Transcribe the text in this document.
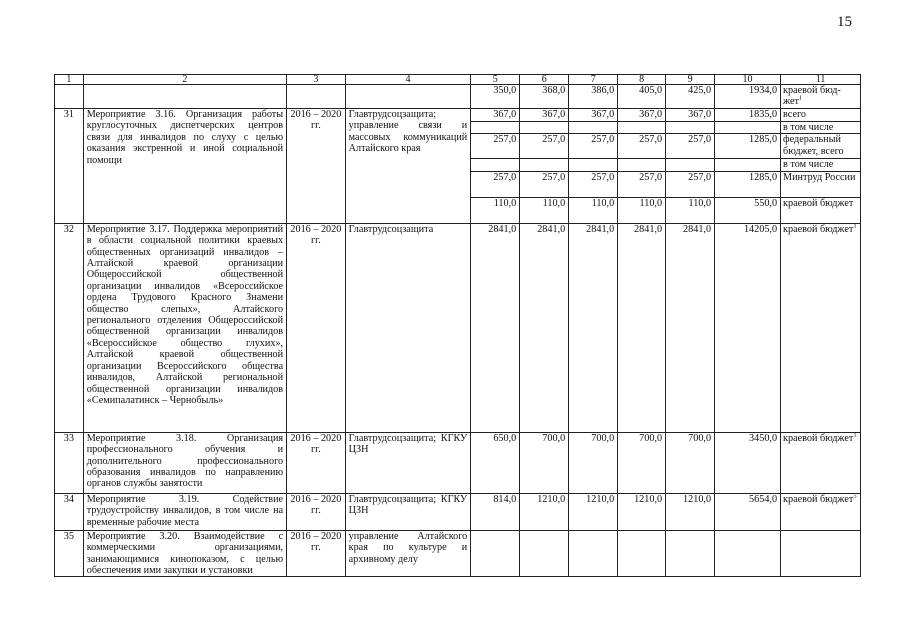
15
1	2	3	4	5	6	7	8	9	10	11
				350,0	368,0	386,0	405,0	425,0	1934,0	краевой бюд-жет$^1$
31	Мероприятие 3.16. Организация работы круглосуточных диспетчерских центров связи для инвалидов по слуху с целью оказания экстренной и иной социальной помощи	2016 – 2020 гг.	Главтрудсоцзащита; управление связи и массовых коммуникаций Алтайского края	367,0	367,0	367,0	367,0	367,0	1835,0	всего
										в том числе
				257,0	257,0	257,0	257,0	257,0	1285,0	федеральный бюджет, всего
										в том числе
				257,0	257,0	257,0	257,0	257,0	1285,0	Минтруд России
				110,0	110,0	110,0	110,0	110,0	550,0	краевой бюджет
32	Мероприятие 3.17. Поддержка мероприятий в области социальной политики краевых общественных организаций инвалидов – Алтайской краевой организации Общероссийской общественной организации инвалидов «Всероссийское ордена Трудового Красного Знамени общество слепых», Алтайского регионального отделения Общероссийской общественной организации инвалидов «Всероссийское общество глухих», Алтайской краевой общественной организации Всероссийского общества инвалидов, Алтайской региональной общественной организации инвалидов «Семипалатинск – Чернобыль»	2016 – 2020 гг.	Главтрудсоцзащита	2841,0	2841,0	2841,0	2841,0	2841,0	14205,0	краевой бюджет$^1$
33	Мероприятие 3.18. Организация профессионального обучения и дополнительного профессионального образования инвалидов по направлению органов службы занятости	2016 – 2020 гг.	Главтрудсоцзащита; КГКУ ЦЗН	650,0	700,0	700,0	700,0	700,0	3450,0	краевой бюджет$^1$
34	Мероприятие 3.19. Содействие трудоустройству инвалидов, в том числе на временные рабочие места	2016 – 2020 гг.	Главтрудсоцзащита; КГКУ ЦЗН	814,0	1210,0	1210,0	1210,0	1210,0	5654,0	краевой бюджет$^5$
35	Мероприятие 3.20. Взаимодействие с коммерческими организациями, занимающимися кинопоказом, с целью обеспечения ими закупки и установки	2016 – 2020 гг.	управление Алтайского края по культуре и архивному делу							
